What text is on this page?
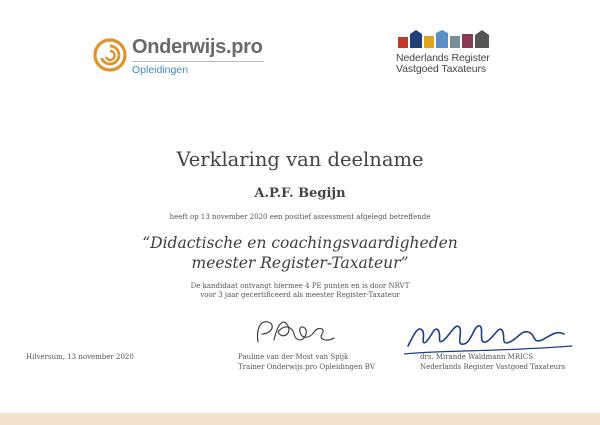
Onderwijs.pro
Opleidingen
Nederlands Register
Vastgoed Taxateurs
Verklaring van deelname
A.P.F. Begijn
heeft op 13 november 2020 een positief assessment afgelegd betreffende
“Didactische en coachingsvaardigheden
meester Register-Taxateur”
De kandidaat ontvangt hiermee 4 PE punten en is door NRVT
voor 3 jaar gecertificeerd als meester Register-Taxateur
Hilversum, 13 november 2020	Pauline van der Most van Spijk
Trainer Onderwijs.pro Opleidingen BV
drs. Mirande Waldmann MRICS
Nederlands Register Vastgoed Taxateurs
